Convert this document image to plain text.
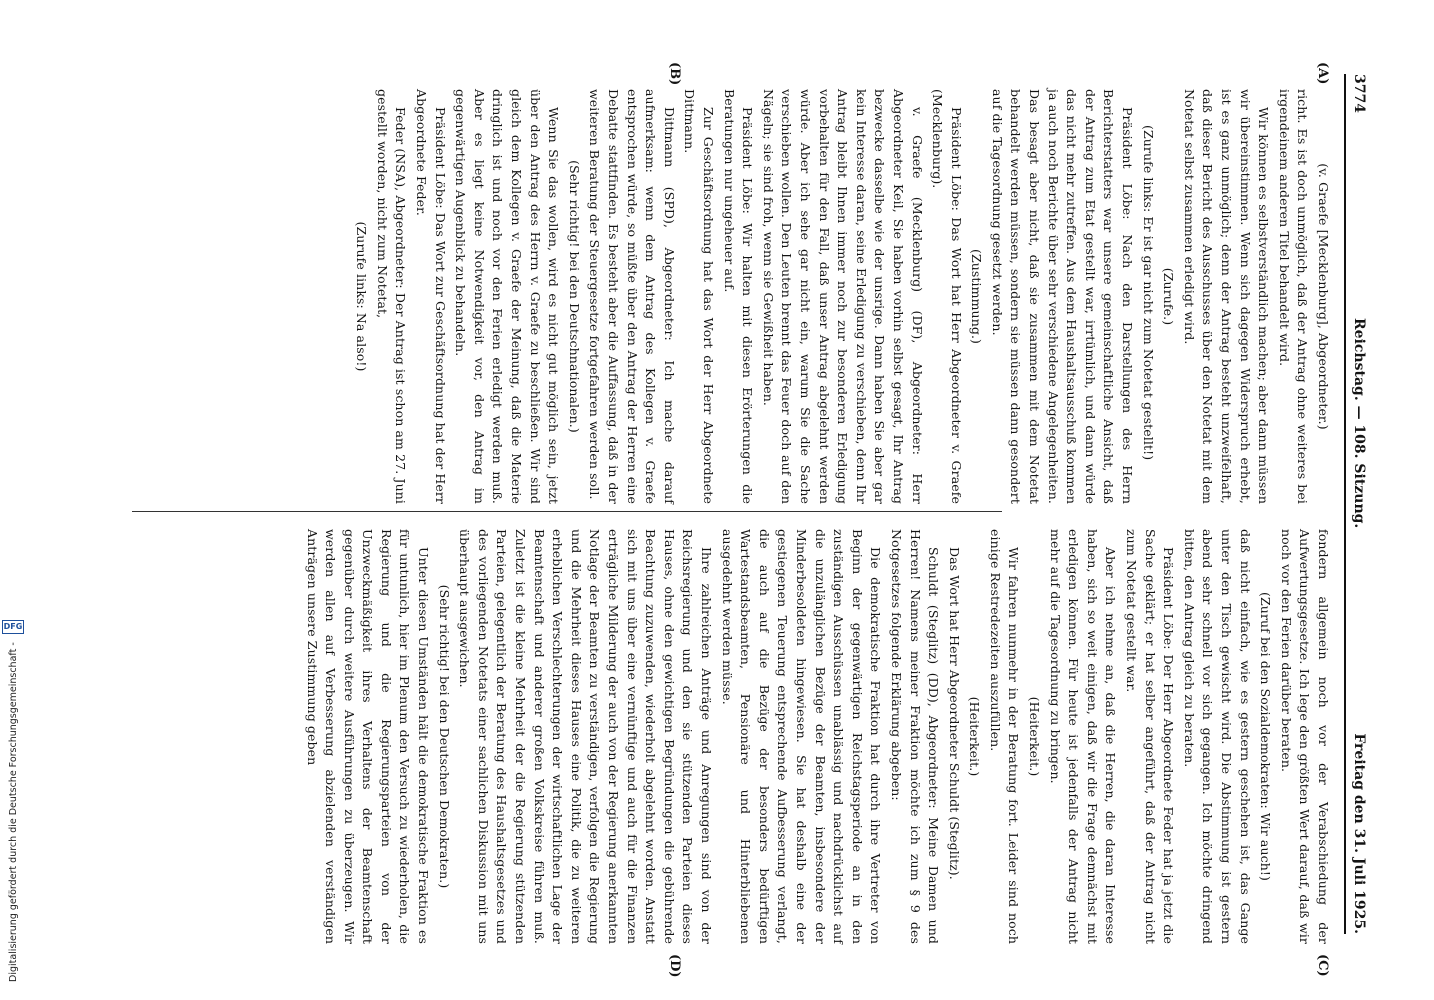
3774
Reichstag. — 108. Sitzung.
Freitag den 31. Juli 1925.
(A)
(B)
(C)
(D)

(v. Graefe [Mecklenburg], Abgeordneter.)

richt. Es ist doch unmöglich, daß der Antrag ohne weiteres bei irgendeinem anderen Titel behandelt wird.

Wir können es selbstverständlich machen; aber dann müssen wir übereinstimmen. Wenn sich dagegen Widerspruch erhebt, ist es ganz unmöglich; denn der Antrag besteht unzweifelhaft, daß dieser Bericht des Ausschusses über den Notetat mit dem Notetat selbst zusammen erledigt wird.

(Zurufe.)

(Zurufe links: Er ist gar nicht zum Notetat gestellt!)

Präsident Löbe: Nach den Darstellungen des Herrn Berichterstatters war unsere gemeinschaftliche Ansicht, daß der Antrag zum Etat gestellt war, irrtümlich, und dann würde das nicht mehr zutreffen. Aus dem Haushaltsausschuß kommen ja auch noch Berichte über sehr verschiedene Angelegenheiten. Das besagt aber nicht, daß sie zusammen mit dem Notetat behandelt werden müssen, sondern sie müssen dann gesondert auf die Tagesordnung gesetzt werden.

(Zustimmung.)

Präsident Löbe: Das Wort hat Herr Abgeordneter v. Graefe (Mecklenburg).

v. Graefe (Mecklenburg) (DF), Abgeordneter: Herr Abgeordneter Keil, Sie haben vorhin selbst gesagt, Ihr Antrag bezwecke dasselbe wie der unsrige. Dann haben Sie aber gar kein Interesse daran, seine Erledigung zu verschieben, denn Ihr Antrag bleibt Ihnen immer noch zur besonderen Erledigung vorbehalten für den Fall, daß unser Antrag abgelehnt werden würde. Aber ich sehe gar nicht ein, warum Sie die Sache verschieben wollen. Den Leuten brennt das Feuer doch auf den Nägeln; sie sind froh, wenn sie Gewißheit haben.

Präsident Löbe: Wir halten mit diesen Erörterungen die Beratungen nur ungeheuer auf.

Zur Geschäftsordnung hat das Wort der Herr Abgeordnete Dittmann.

Dittmann (SPD), Abgeordneter: Ich mache darauf aufmerksam: wenn dem Antrag des Kollegen v. Graefe entsprochen würde, so müßte über den Antrag der Herren eine Debatte stattfinden. Es besteht aber die Auffassung, daß in der weiteren Beratung der Steuergesetze fortgefahren werden soll.

(Sehr richtig! bei den Deutschnationalen.)

Wenn Sie das wollen, wird es nicht gut möglich sein, jetzt über den Antrag des Herrn v. Graefe zu beschließen. Wir sind gleich dem Kollegen v. Graefe der Meinung, daß die Materie dringlich ist und noch vor den Ferien erledigt werden muß. Aber es liegt keine Notwendigkeit vor, den Antrag im gegenwärtigen Augenblick zu behandeln.

Präsident Löbe: Das Wort zur Geschäftsordnung hat der Herr Abgeordnete Feder.

Feder (NSA), Abgeordneter: Der Antrag ist schon am 27. Juni gestellt worden, nicht zum Notetat,

(Zurufe links: Na also!)

fondern allgemein noch vor der Verabschiedung der Aufwertungsgesetze. Ich lege den größten Wert darauf, daß wir noch vor den Ferien darüber beraten.

(Zuruf bei den Sozialdemokraten: Wir auch!)

daß nicht einfach, wie es gestern geschehen ist, das Gange unter den Tisch gewischt wird. Die Abstimmung ist gestern abend sehr schnell vor sich gegangen. Ich möchte dringend bitten, den Antrag gleich zu beraten.

Präsident Löbe: Der Herr Abgeordnete Feder hat ja jetzt die Sache geklärt; er hat selber angeführt, daß der Antrag nicht zum Notetat gestellt war.

Aber ich nehme an, daß die Herren, die daran Interesse haben, sich so weit einigen, daß wir die Frage demnächst mit erledigen können. Für heute ist jedenfalls der Antrag nicht mehr auf die Tagesordnung zu bringen.

(Heiterkeit.)

Wir fahren nunmehr in der Beratung fort. Leider sind noch einige Restredezeiten auszufüllen.

(Heiterkeit.)

Das Wort hat Herr Abgeordneter Schuldt (Steglitz).

Schuldt (Steglitz) (DD), Abgeordneter: Meine Damen und Herren! Namens meiner Fraktion möchte ich zum § 9 des Notgesetzes folgende Erklärung abgeben:

Die demokratische Fraktion hat durch ihre Vertreter von Beginn der gegenwärtigen Reichstagsperiode an in den zuständigen Ausschüssen unablässig und nachdrücklichst auf die unzulänglichen Bezüge der Beamten, insbesondere der Minderbesoldeten hingewiesen. Sie hat deshalb eine der gestiegenen Teuerung entsprechende Aufbesserung verlangt, die auch auf die Bezüge der besonders bedürftigen Wartestandsbeamten, Pensionäre und Hinterbliebenen ausgedehnt werden müsse.

Ihre zahlreichen Anträge und Anregungen sind von der Reichsregierung und den sie stützenden Parteien dieses Hauses, ohne den gewichtigen Begründungen die gebührende Beachtung zuzuwenden, wiederholt abgelehnt worden. Anstatt sich mit uns über eine vernünftige und auch für die Finanzen erträgliche Milderung der auch von der Regierung anerkannten Notlage der Beamten zu verständigen, verfolgen die Regierung und die Mehrheit dieses Hauses eine Politik, die zu weiteren erheblichen Verschlechterungen der wirtschaftlichen Lage der Beamtenschaft und anderer großen Volkskreise führen muß. Zuletzt ist die kleine Mehrheit der die Regierung stützenden Parteien, gelegentlich der Beratung des Haushaltsgesetzes und des vorliegenden Notetats einer sachlichen Diskussion mit uns überhaupt ausgewichen.

(Sehr richtig! bei den Deutschen Demokraten.)

Unter diesen Umständen hält die demokratische Fraktion es für untunlich, hier im Plenum den Versuch zu wiederholen, die Regierung und die Regierungsparteien von der Unzweckmäßigkeit ihres Verhaltens der Beamtenschaft gegenüber durch weitere Ausführungen zu überzeugen. Wir werden allen auf Verbesserung abzielenden verständigen Anträgen unsere Zustimmung geben

Digitalisierung gefördert durch die Deutsche Forschungsgemeinschaft -
DFG
